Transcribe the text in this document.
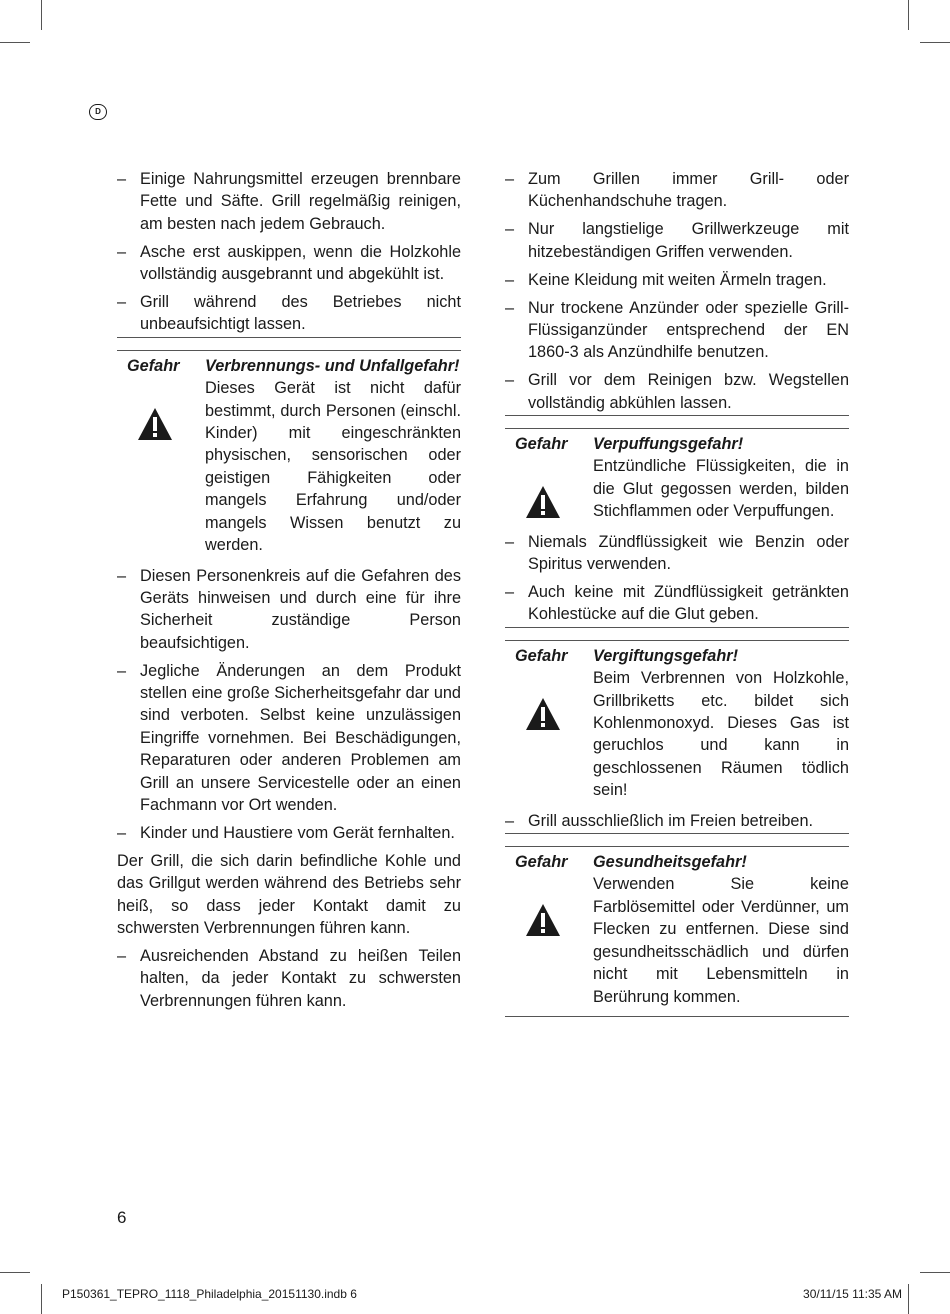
D
– Einige Nahrungsmittel erzeugen brennbare Fette und Säfte. Grill regelmäßig reinigen, am besten nach jedem Gebrauch.
– Asche erst auskippen, wenn die Holzkohle vollständig ausgebrannt und abgekühlt ist.
– Grill während des Betriebes nicht unbeaufsichtigt lassen.
Gefahr Verbrennungs- und Unfallgefahr!
Dieses Gerät ist nicht dafür bestimmt, durch Personen (einschl. Kinder) mit eingeschränkten physischen, sensorischen oder geistigen Fähigkeiten oder mangels Erfahrung und/oder mangels Wissen benutzt zu werden.
– Diesen Personenkreis auf die Gefahren des Geräts hinweisen und durch eine für ihre Sicherheit zuständige Person beaufsichtigen.
– Jegliche Änderungen an dem Produkt stellen eine große Sicherheitsgefahr dar und sind verboten. Selbst keine unzulässigen Eingriffe vornehmen. Bei Beschädigungen, Reparaturen oder anderen Problemen am Grill an unsere Servicestelle oder an einen Fachmann vor Ort wenden.
– Kinder und Haustiere vom Gerät fernhalten.
Der Grill, die sich darin befindliche Kohle und das Grillgut werden während des Betriebs sehr heiß, so dass jeder Kontakt damit zu schwersten Verbrennungen führen kann.
– Ausreichenden Abstand zu heißen Teilen halten, da jeder Kontakt zu schwersten Verbrennungen führen kann.
– Zum Grillen immer Grill- oder Küchenhandschuhe tragen.
– Nur langstielige Grillwerkzeuge mit hitzebeständigen Griffen verwenden.
– Keine Kleidung mit weiten Ärmeln tragen.
– Nur trockene Anzünder oder spezielle Grill-Flüssiganzünder entsprechend der EN 1860-3 als Anzündhilfe benutzen.
– Grill vor dem Reinigen bzw. Wegstellen vollständig abkühlen lassen.
Gefahr Verpuffungsgefahr!
Entzündliche Flüssigkeiten, die in die Glut gegossen werden, bilden Stichflammen oder Verpuffungen.
– Niemals Zündflüssigkeit wie Benzin oder Spiritus verwenden.
– Auch keine mit Zündflüssigkeit getränkten Kohlestücke auf die Glut geben.
Gefahr Vergiftungsgefahr!
Beim Verbrennen von Holzkohle, Grillbriketts etc. bildet sich Kohlenmonoxyd. Dieses Gas ist geruchlos und kann in geschlossenen Räumen tödlich sein!
– Grill ausschließlich im Freien betreiben.
Gefahr Gesundheitsgefahr!
Verwenden Sie keine Farblösemittel oder Verdünner, um Flecken zu entfernen. Diese sind gesundheitsschädlich und dürfen nicht mit Lebensmitteln in Berührung kommen.
6
P150361_TEPRO_1118_Philadelphia_20151130.indb 6	30/11/15 11:35 AM
